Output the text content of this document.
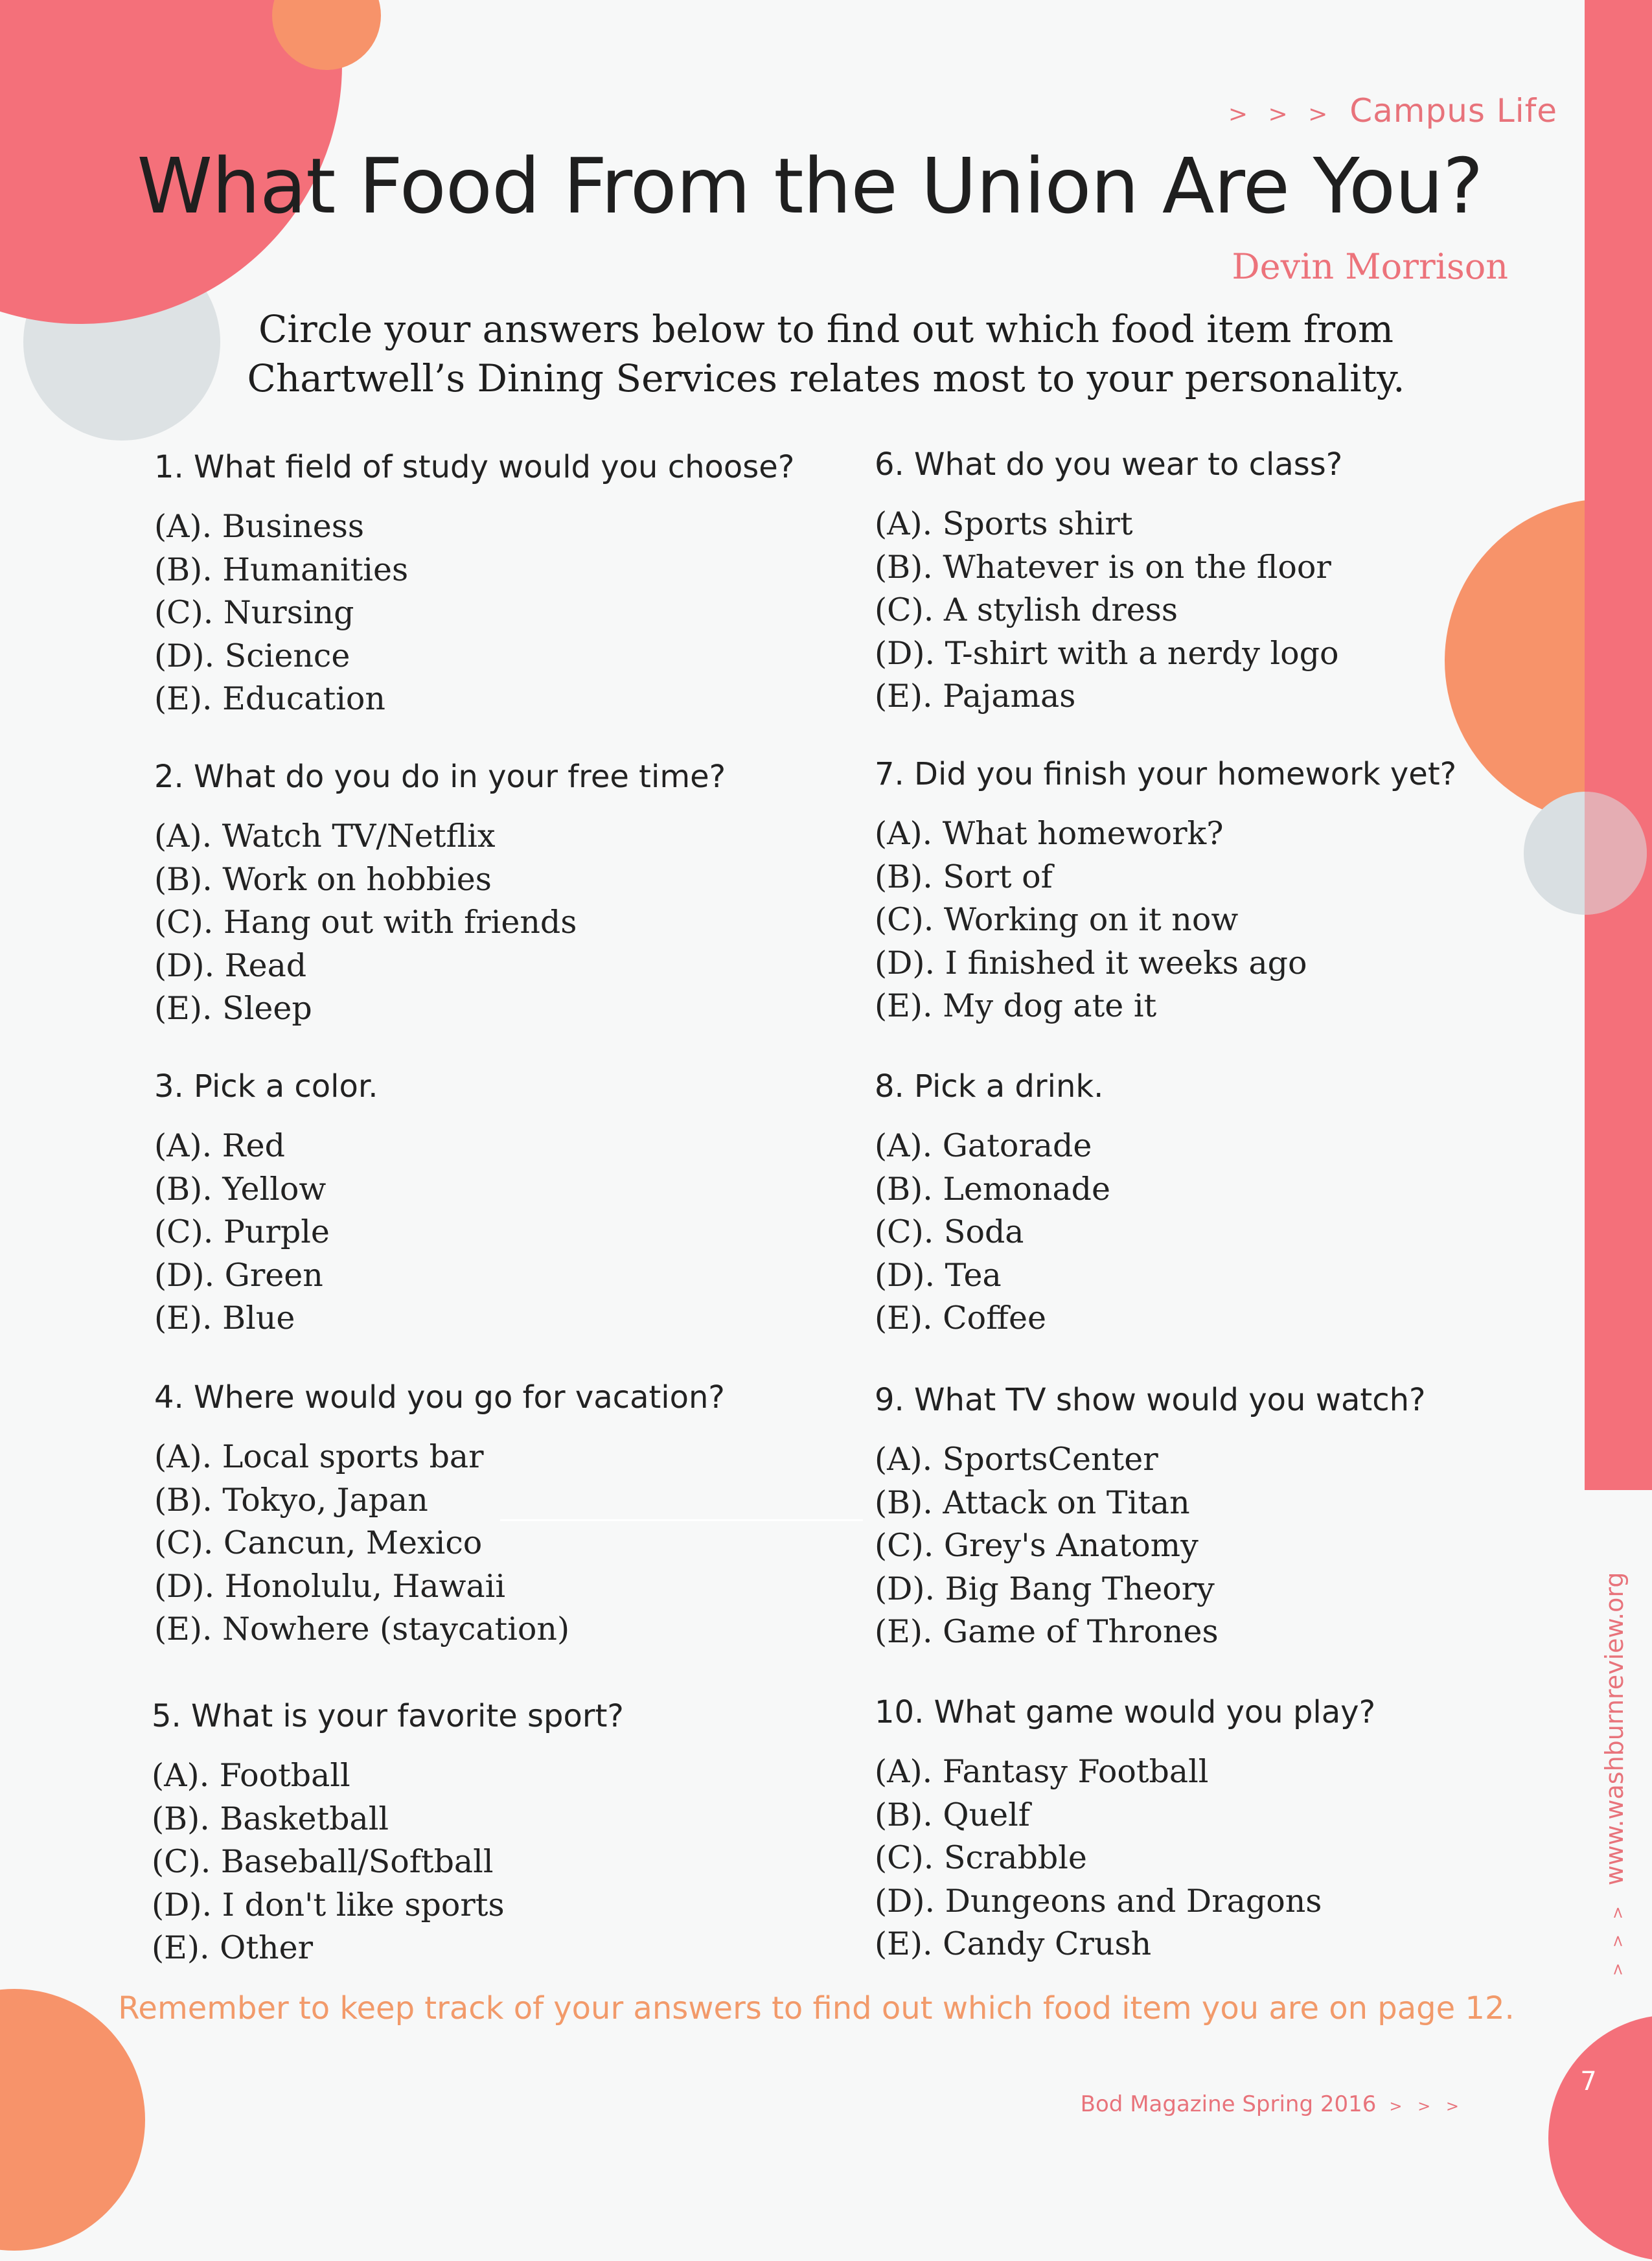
> > > Campus Life
What Food From the Union Are You?
Devin Morrison
Circle your answers below to find out which food item from
Chartwell’s Dining Services relates most to your personality.
1. What field of study would you choose?
(A). Business
(B). Humanities
(C). Nursing
(D). Science
(E). Education
2. What do you do in your free time?
(A). Watch TV/Netflix
(B). Work on hobbies
(C). Hang out with friends
(D). Read
(E). Sleep
3. Pick a color.
(A). Red
(B). Yellow
(C). Purple
(D). Green
(E). Blue
4. Where would you go for vacation?
(A). Local sports bar
(B). Tokyo, Japan
(C). Cancun, Mexico
(D). Honolulu, Hawaii
(E). Nowhere (staycation)
5. What is your favorite sport?
(A). Football
(B). Basketball
(C). Baseball/Softball
(D). I don't like sports
(E). Other
6. What do you wear to class?
(A). Sports shirt
(B). Whatever is on the floor
(C). A stylish dress
(D). T-shirt with a nerdy logo
(E). Pajamas
7. Did you finish your homework yet?
(A). What homework?
(B). Sort of
(C). Working on it now
(D). I finished it weeks ago
(E). My dog ate it
8. Pick a drink.
(A). Gatorade
(B). Lemonade
(C). Soda
(D). Tea
(E). Coffee
9. What TV show would you watch?
(A). SportsCenter
(B). Attack on Titan
(C). Grey's Anatomy
(D). Big Bang Theory
(E). Game of Thrones
10. What game would you play?
(A). Fantasy Football
(B). Quelf
(C). Scrabble
(D). Dungeons and Dragons
(E). Candy Crush	> > >www.washburnreview.org
Remember to keep track of your answers to find out which food item you are on page 12.
Bod Magazine Spring 2016 > > >
7
